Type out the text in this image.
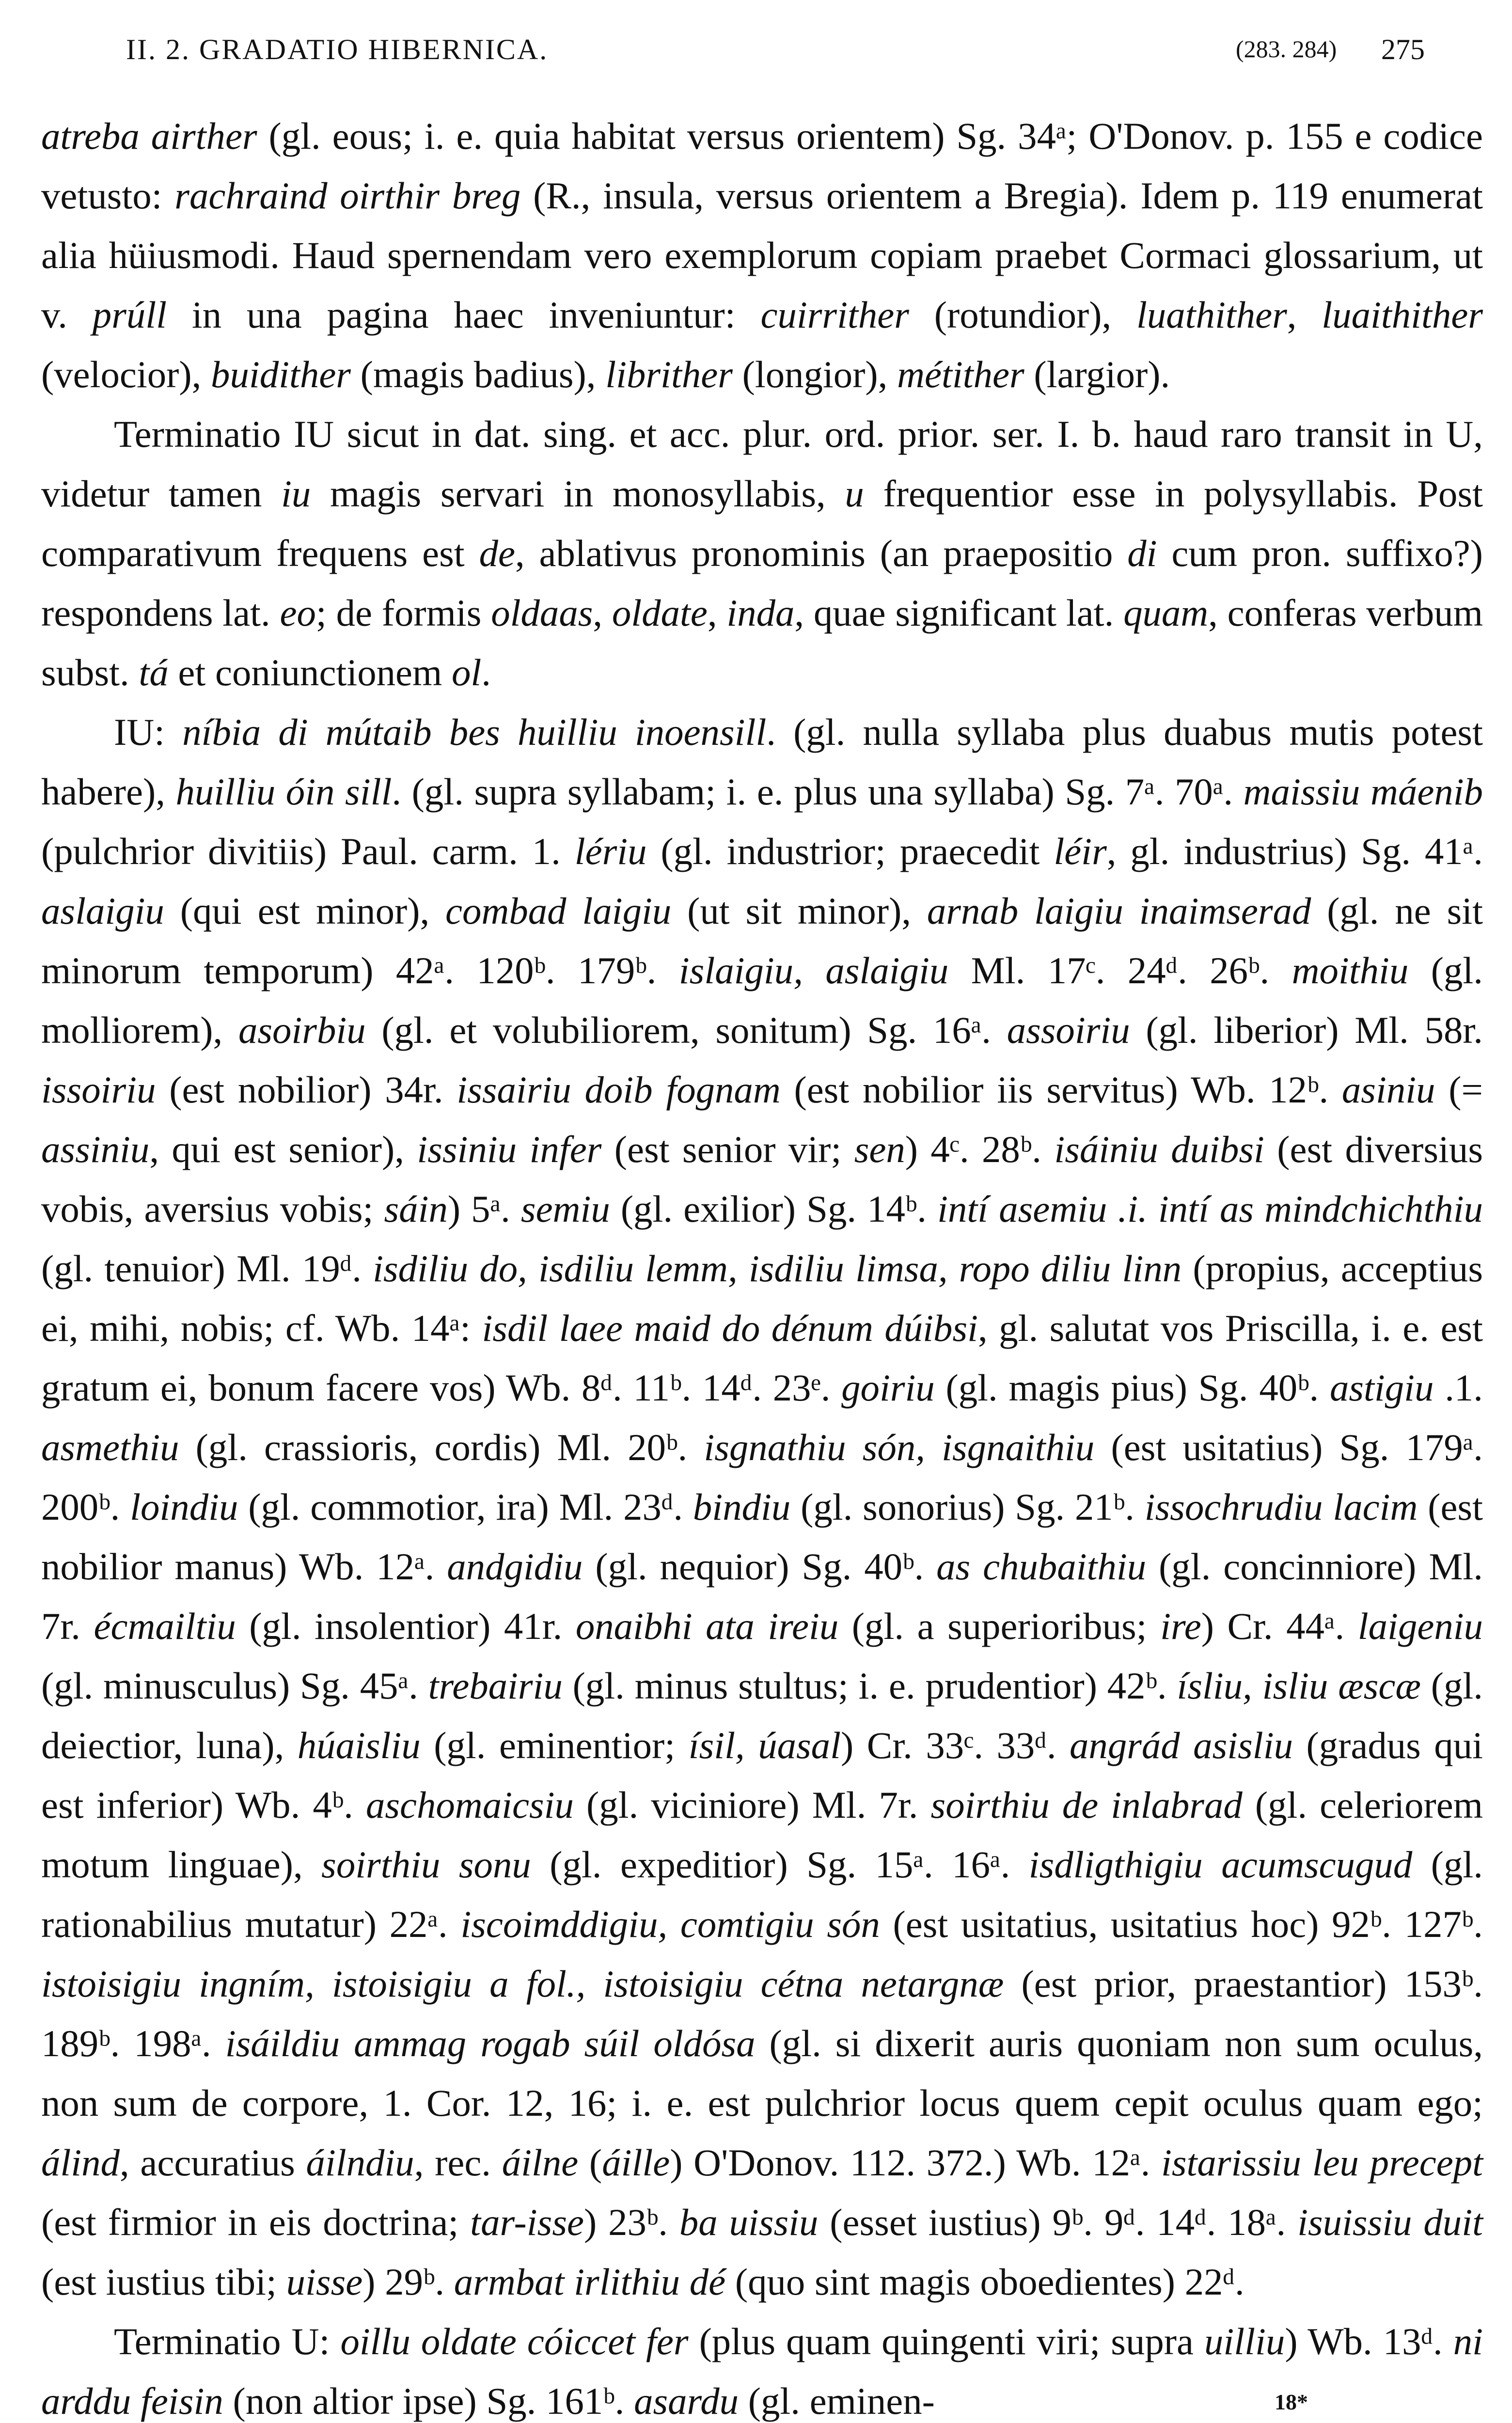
II. 2. GRADATIO HIBERNICA.	(283. 284) 275

atreba airther (gl. eous; i. e. quia habitat versus orientem) Sg. 34ᵃ; O'Donov. p. 155 e codice vetusto: rachraind oirthir breg (R., insula, versus orientem a Bregia). Idem p. 119 enumerat alia hüiusmodi. Haud spernendam vero exemplorum copiam praebet Cormaci glossarium, ut v. prúll in una pagina haec inveniuntur: cuirrither (rotundior), luathither, luaithither (velocior), buidither (magis badius), librither (longior), métither (largior).

Terminatio IU sicut in dat. sing. et acc. plur. ord. prior. ser. I. b. haud raro transit in U, videtur tamen iu magis servari in monosyllabis, u frequentior esse in polysyllabis. Post comparativum frequens est de, ablativus pronominis (an praepositio di cum pron. suffixo?) respondens lat. eo; de formis oldaas, oldate, inda, quae significant lat. quam, conferas verbum subst. tá et coniunctionem ol.

IU: níbia di mútaib bes huilliu inoensill. (gl. nulla syllaba plus duabus mutis potest habere), huilliu óin sill. (gl. supra syllabam; i. e. plus una syllaba) Sg. 7ᵃ. 70ᵃ. maissiu máenib (pulchrior divitiis) Paul. carm. 1. lériu (gl. industrior; praecedit léir, gl. industrius) Sg. 41ᵃ. aslaigiu (qui est minor), combad laigiu (ut sit minor), arnab laigiu inaimserad (gl. ne sit minorum temporum) 42ᵃ. 120ᵇ. 179ᵇ. islaigiu, aslaigiu Ml. 17ᶜ. 24ᵈ. 26ᵇ. moithiu (gl. molliorem), asoirbiu (gl. et volubiliorem, sonitum) Sg. 16ᵃ. assoiriu (gl. liberior) Ml. 58r. issoiriu (est nobilior) 34r. issairiu doib fognam (est nobilior iis servitus) Wb. 12ᵇ. asiniu (= assiniu, qui est senior), issiniu infer (est senior vir; sen) 4ᶜ. 28ᵇ. isáiniu duibsi (est diversius vobis, aversius vobis; sáin) 5ᵃ. semiu (gl. exilior) Sg. 14ᵇ. intí asemiu .i. intí as mindchichthiu (gl. tenuior) Ml. 19ᵈ. isdiliu do, isdiliu lemm, isdiliu limsa, ropo diliu linn (propius, acceptius ei, mihi, nobis; cf. Wb. 14ᵃ: isdil laee maid do dénum dúibsi, gl. salutat vos Priscilla, i. e. est gratum ei, bonum facere vos) Wb. 8ᵈ. 11ᵇ. 14ᵈ. 23ᵉ. goiriu (gl. magis pius) Sg. 40ᵇ. astigiu .1. asmethiu (gl. crassioris, cordis) Ml. 20ᵇ. isgnathiu són, isgnaithiu (est usitatius) Sg. 179ᵃ. 200ᵇ. loindiu (gl. commotior, ira) Ml. 23ᵈ. bindiu (gl. sonorius) Sg. 21ᵇ. issochrudiu lacim (est nobilior manus) Wb. 12ᵃ. andgidiu (gl. nequior) Sg. 40ᵇ. as chubaithiu (gl. concinniore) Ml. 7r. écmailtiu (gl. insolentior) 41r. onaibhi ata ireiu (gl. a superioribus; ire) Cr. 44ᵃ. laigeniu (gl. minusculus) Sg. 45ᵃ. trebairiu (gl. minus stultus; i. e. prudentior) 42ᵇ. ísliu, isliu æscæ (gl. deiectior, luna), húaisliu (gl. eminentior; ísil, úasal) Cr. 33ᶜ. 33ᵈ. angrád asisliu (gradus qui est inferior) Wb. 4ᵇ. aschomaicsiu (gl. viciniore) Ml. 7r. soirthiu de inlabrad (gl. celeriorem motum linguae), soirthiu sonu (gl. expeditior) Sg. 15ᵃ. 16ᵃ. isdligthigiu acumscugud (gl. rationabilius mutatur) 22ᵃ. iscoimddigiu, comtigiu són (est usitatius, usitatius hoc) 92ᵇ. 127ᵇ. istoisigiu ingním, istoisigiu a fol., istoisigiu cétna netargnæ (est prior, praestantior) 153ᵇ. 189ᵇ. 198ᵃ. isáildiu ammag rogab súil oldósa (gl. si dixerit auris quoniam non sum oculus, non sum de corpore, 1. Cor. 12, 16; i. e. est pulchrior locus quem cepit oculus quam ego; álind, accuratius áilndiu, rec. áilne (áille) O'Donov. 112. 372.) Wb. 12ᵃ. istarissiu leu precept (est firmior in eis doctrina; tar-isse) 23ᵇ. ba uissiu (esset iustius) 9ᵇ. 9ᵈ. 14ᵈ. 18ᵃ. isuissiu duit (est iustius tibi; uisse) 29ᵇ. armbat irlithiu dé (quo sint magis oboedientes) 22ᵈ.

Terminatio U: oillu oldate cóiccet fer (plus quam quingenti viri; supra uilliu) Wb. 13ᵈ. ni arddu feisin (non altior ipse) Sg. 161ᵇ. asardu (gl. eminen-	18*
